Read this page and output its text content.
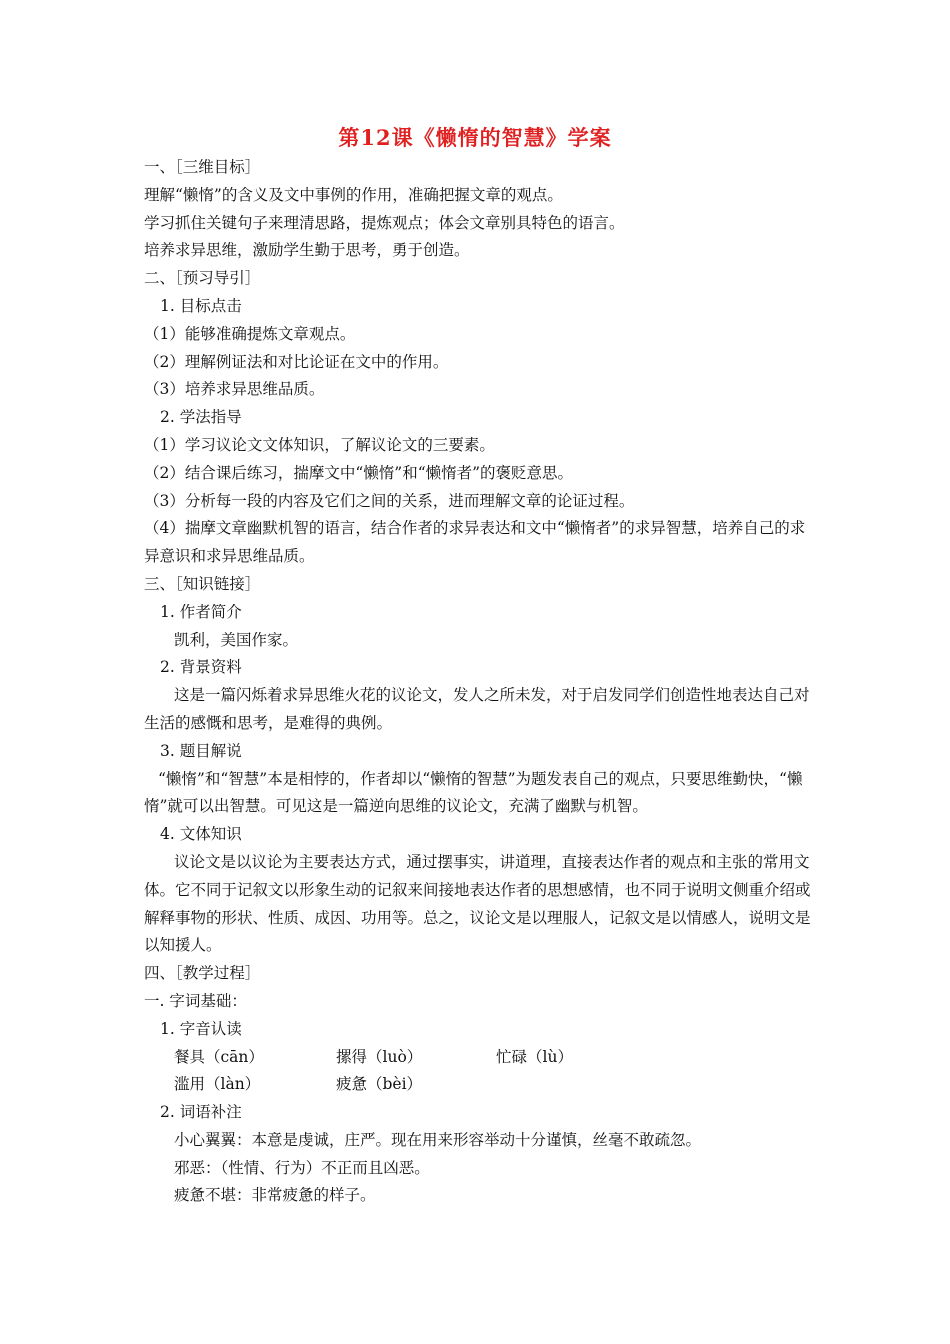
第12课《懒惰的智慧》学案

一、［三维目标］

理解“懒惰”的含义及文中事例的作用，准确把握文章的观点。

学习抓住关键句子来理清思路，提炼观点；体会文章别具特色的语言。

培养求异思维，激励学生勤于思考，勇于创造。

二、［预习导引］

1. 目标点击

（1）能够准确提炼文章观点。

（2）理解例证法和对比论证在文中的作用。

（3）培养求异思维品质。

2. 学法指导

（1）学习议论文文体知识，了解议论文的三要素。

（2）结合课后练习，揣摩文中“懒惰”和“懒惰者”的褒贬意思。

（3）分析每一段的内容及它们之间的关系，进而理解文章的论证过程。

（4）揣摩文章幽默机智的语言，结合作者的求异表达和文中“懒惰者”的求异智慧，培养自己的求异意识和求异思维品质。

三、［知识链接］

1. 作者简介

凯利，美国作家。

2. 背景资料

这是一篇闪烁着求异思维火花的议论文，发人之所未发，对于启发同学们创造性地表达自己对生活的感慨和思考，是难得的典例。

3. 题目解说

“懒惰”和“智慧”本是相悖的，作者却以“懒惰的智慧”为题发表自己的观点，只要思维勤快，“懒惰”就可以出智慧。可见这是一篇逆向思维的议论文，充满了幽默与机智。

4. 文体知识

议论文是以议论为主要表达方式，通过摆事实，讲道理，直接表达作者的观点和主张的常用文体。它不同于记叙文以形象生动的记叙来间接地表达作者的思想感情，也不同于说明文侧重介绍或解释事物的形状、性质、成因、功用等。总之，议论文是以理服人，记叙文是以情感人，说明文是以知援人。

四、［教学过程］

一. 字词基础：

1. 字音认读

餐具（cān）	摞得（luò）	忙碌（lù）
滥用（làn）	疲惫（bèi）

2. 词语补注

小心翼翼：本意是虔诚，庄严。现在用来形容举动十分谨慎，丝毫不敢疏忽。

邪恶：（性情、行为）不正而且凶恶。

疲惫不堪：非常疲惫的样子。
